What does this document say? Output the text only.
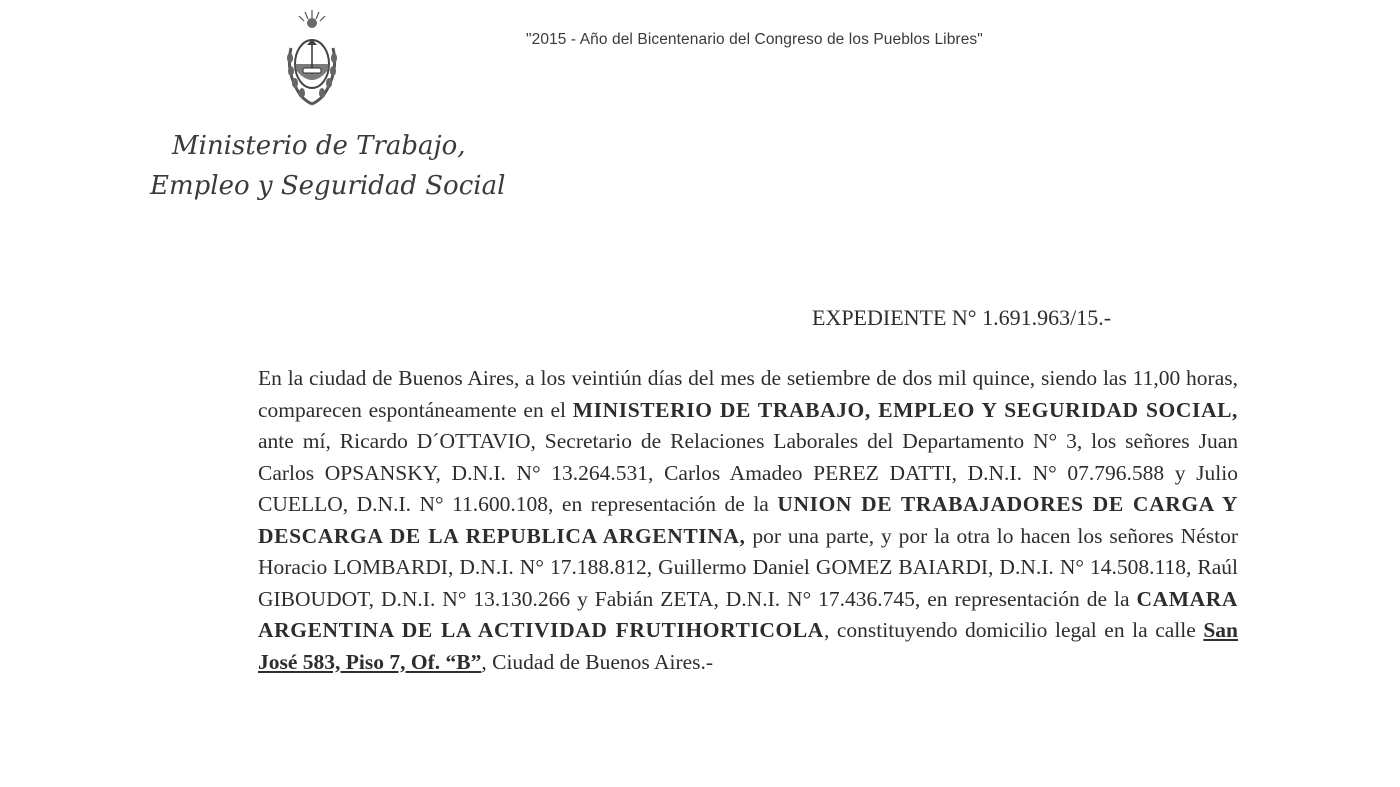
"2015 - Año del Bicentenario del Congreso de los Pueblos Libres"
Ministerio de Trabajo,
Empleo y Seguridad Social
EXPEDIENTE N° 1.691.963/15.-
En la ciudad de Buenos Aires, a los veintiún días del mes de setiembre de dos mil quince, siendo las 11,00 horas, comparecen espontáneamente en el MINISTERIO DE TRABAJO, EMPLEO Y SEGURIDAD SOCIAL, ante mí, Ricardo D´OTTAVIO, Secretario de Relaciones Laborales del Departamento N° 3, los señores Juan Carlos OPSANSKY, D.N.I. N° 13.264.531, Carlos Amadeo PEREZ DATTI, D.N.I. N° 07.796.588 y Julio CUELLO, D.N.I. N° 11.600.108, en representación de la UNION DE TRABAJADORES DE CARGA Y DESCARGA DE LA REPUBLICA ARGENTINA, por una parte, y por la otra lo hacen los señores Néstor Horacio LOMBARDI, D.N.I. N° 17.188.812, Guillermo Daniel GOMEZ BAIARDI, D.N.I. N° 14.508.118, Raúl GIBOUDOT, D.N.I. N° 13.130.266 y Fabián ZETA, D.N.I. N° 17.436.745, en representación de la CAMARA ARGENTINA DE LA ACTIVIDAD FRUTIHORTICOLA, constituyendo domicilio legal en la calle San José 583, Piso 7, Of. “B”, Ciudad de Buenos Aires.-
